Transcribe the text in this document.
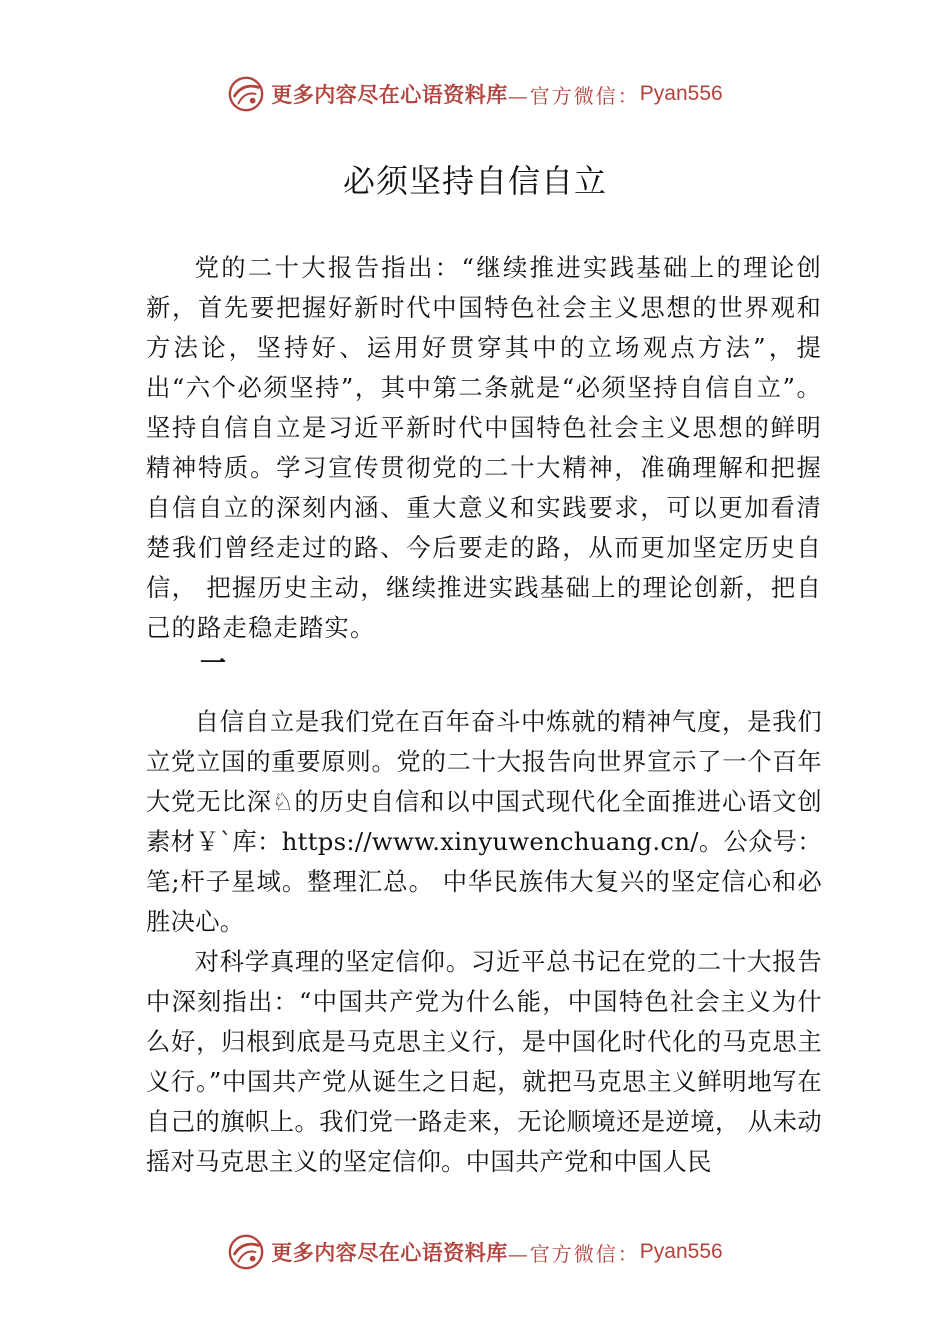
更多内容尽在心语资料库 —官方微信： Pyan556
必须坚持自信自立

党的二十大报告指出：“继续推进实践基础上的理论创新，首先要把握好新时代中国特色社会主义思想的世界观和方法论，坚持好、运用好贯穿其中的立场观点方法”，提出“六个必须坚持”，其中第二条就是“必须坚持自信自立”。坚持自信自立是习近平新时代中国特色社会主义思想的鲜明精神特质。学习宣传贯彻党的二十大精神，准确理解和把握自信自立的深刻内涵、重大意义和实践要求，可以更加看清楚我们曾经走过的路、今后要走的路，从而更加坚定历史自信， 把握历史主动，继续推进实践基础上的理论创新，把自己的路走稳走踏实。

一

自信自立是我们党在百年奋斗中炼就的精神气度，是我们立党立国的重要原则。党的二十大报告向世界宣示了一个百年大党无比深♘的历史自信和以中国式现代化全面推进心语文创素材￥`库：https://www.xinyuwenchuang.cn/。公众号：笔;杆子星域。整理汇总。 中华民族伟大复兴的坚定信心和必胜决心。

对科学真理的坚定信仰。习近平总书记在党的二十大报告中深刻指出：“中国共产党为什么能，中国特色社会主义为什么好，归根到底是马克思主义行，是中国化时代化的马克思主义行。”中国共产党从诞生之日起，就把马克思主义鲜明地写在自己的旗帜上。我们党一路走来，无论顺境还是逆境， 从未动摇对马克思主义的坚定信仰。中国共产党和中国人民

更多内容尽在心语资料库 —官方微信： Pyan556
